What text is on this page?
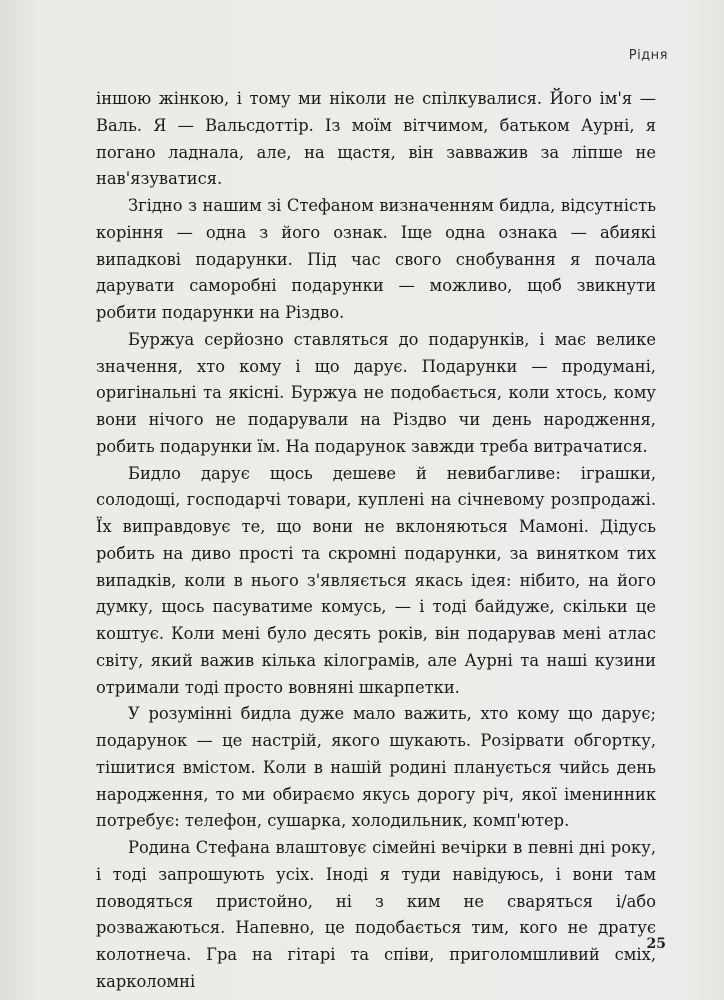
Рідня

іншою жінкою, і тому ми ніколи не спілкувалися. Його ім'я — Валь. Я — Вальсдоттір. Із моїм вітчимом, батьком Аурні, я погано ладнала, але, на щастя, він завважив за ліпше не нав'язуватися.

Згідно з нашим зі Стефаном визначенням бидла, відсутність коріння — одна з його ознак. Іще одна ознака — абиякі випадкові подарунки. Під час свого снобування я почала дарувати саморобні подарунки — можливо, щоб звикнути робити подарунки на Різдво.

Буржуа серйозно ставляться до подарунків, і має велике значення, хто кому і що дарує. Подарунки — продумані, оригінальні та якісні. Буржуа не подобається, коли хтось, кому вони нічого не подарували на Різдво чи день народження, робить подарунки їм. На подарунок завжди треба витрачатися.

Бидло дарує щось дешеве й невибагливе: іграшки, солодощі, господарчі товари, куплені на січневому розпродажі. Їх виправдовує те, що вони не вклоняються Мамоні. Дідусь робить на диво прості та скромні подарунки, за винятком тих випадків, коли в нього з'являється якась ідея: нібито, на його думку, щось пасуватиме комусь, — і тоді байдуже, скільки це коштує. Коли мені було десять років, він подарував мені атлас світу, який важив кілька кілограмів, але Аурні та наші кузини отримали тоді просто вовняні шкарпетки.

У розумінні бидла дуже мало важить, хто кому що дарує; подарунок — це настрій, якого шукають. Розірвати обгортку, тішитися вмістом. Коли в нашій родині планується чийсь день народження, то ми обираємо якусь дорогу річ, якої іменинник потребує: телефон, сушарка, холодильник, комп'ютер.

Родина Стефана влаштовує сімейні вечірки в певні дні року, і тоді запрошують усіх. Іноді я туди навідуюсь, і вони там поводяться пристойно, ні з ким не сваряться і/або розважаються. Напевно, це подобається тим, кого не дратує колотнеча. Гра на гітарі та співи, приголомшливий сміх, карколомні

25
